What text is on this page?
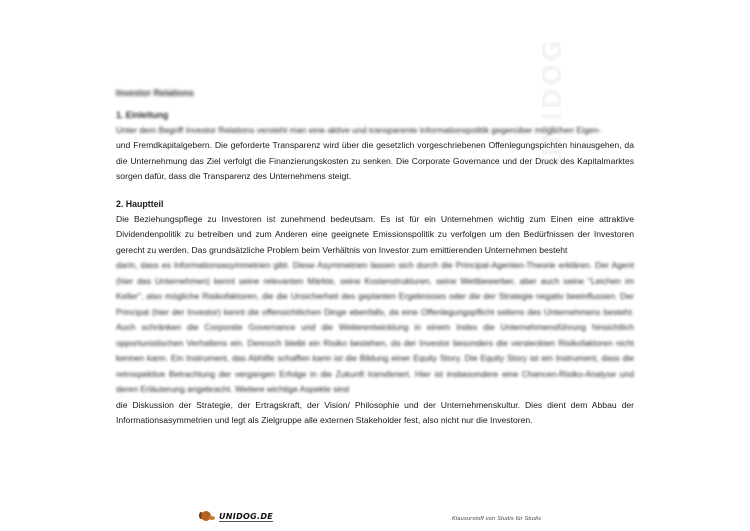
Investor Relations

1. Einleitung

Unter dem Begriff Investor Relations versteht man eine aktive und transparente Informationspolitik gegenüber möglichen Eigen-

und Fremdkapitalgebern. Die geforderte Transparenz wird über die gesetzlich vorgeschriebenen Offenlegungspichten hinausgehen, da die Unternehmung das Ziel verfolgt die Finanzierungskosten zu senken. Die Corporate Governance und der Druck des Kapitalmarktes sorgen dafür, dass die Transparenz des Unternehmens steigt.

2. Hauptteil

Die Beziehungspflege zu Investoren ist zunehmend bedeutsam. Es ist für ein Unternehmen wichtig zum Einen eine attraktive Dividendenpolitik zu betreiben und zum Anderen eine geeignete Emissionspolitik zu verfolgen um den Bedürfnissen der Investoren gerecht zu werden. Das grundsätzliche Problem beim Verhältnis von Investor zum emittierenden Unternehmen besteht

darin, dass es Informationsasymmetrien gibt. Diese Asymmetrien lassen sich durch die Principal-Agenten-Theorie erklären. Der Agent (hier das Unternehmen) kennt seine relevanten Märkte, seine Kostenstrukturen, seine Wettbewerber, aber auch seine "Leichen im Keller", also mögliche Risikofaktoren, die die Unsicherheit des geplanten Ergebnisses oder die der Strategie negativ beeinflussen. Der Principal (hier der Investor) kennt die offensichtlichen Dinge ebenfalls, da eine Offenlegungspflicht seitens des Unternehmens besteht. Auch schränken die Corporate Governance und die Weiterentwicklung in einem Index die Unternehmensführung hinsichtlich opportunistischen Verhaltens ein. Dennoch bleibt ein Risiko bestehen, da der Investor besonders die versteckten Risikofaktoren nicht kennen kann. Ein Instrument, das Abhilfe schaffen kann ist die Bildung einer Equity Story. Die Equity Story ist ein Instrument, dass die retrospektive Betrachtung der vergangen Erfolge in die Zukunft transferiert. Hier ist insbesondere eine Chancen-Risiko-Analyse und deren Erläuterung angebracht. Weitere wichtige Aspekte sind

die Diskussion der Strategie, der Ertragskraft, der Vision/ Philosophie und der Unternehmenskultur. Dies dient dem Abbau der Informationsasymmetrien und legt als Zielgruppe alle externen Stakeholder fest, also nicht nur die Investoren.

UNIDOG.DE	Klausurstoff von Studis für Studis
